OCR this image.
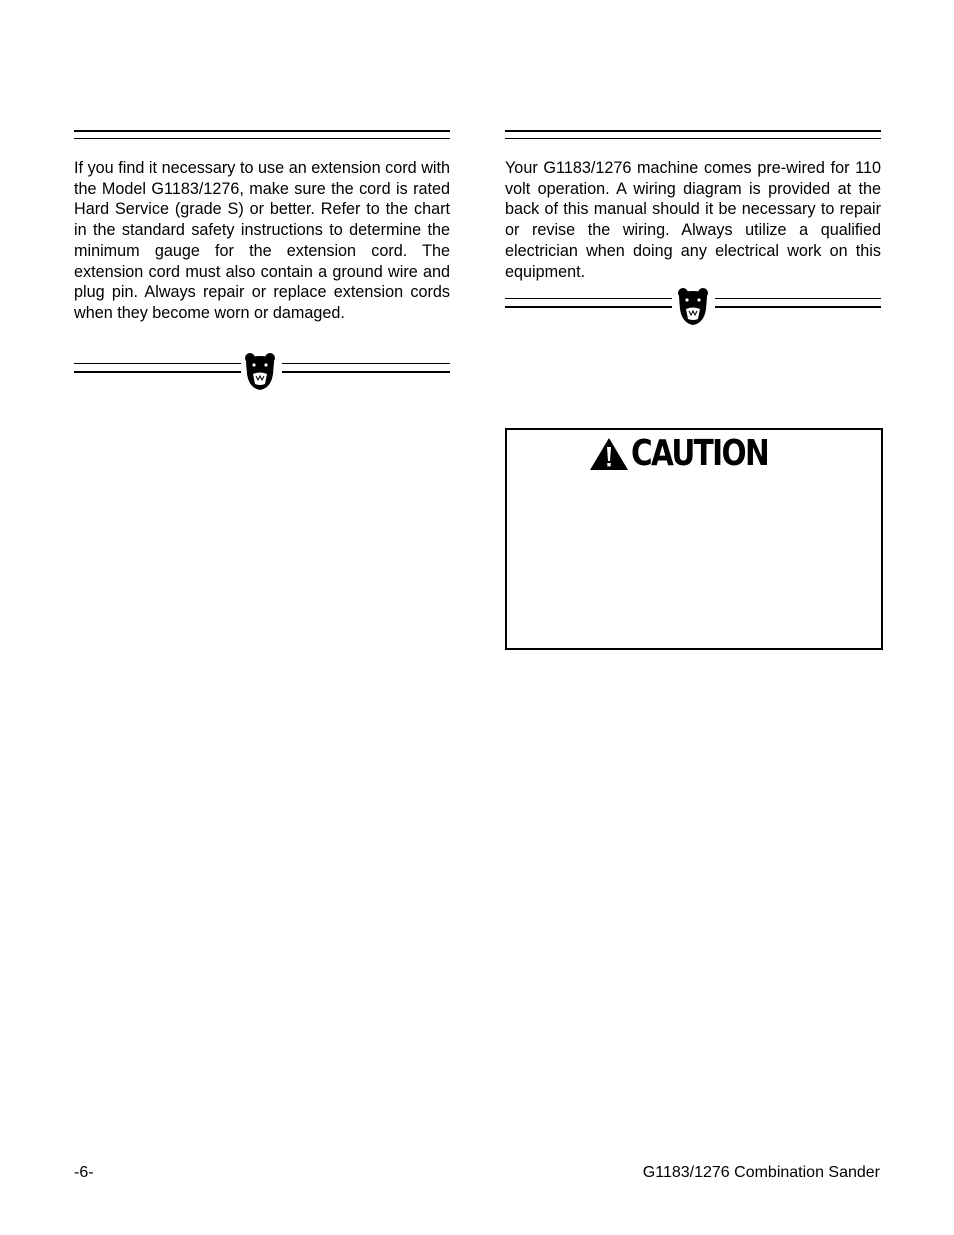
If you find it necessary to use an extension cord with the Model G1183/1276, make sure the cord is rated Hard Service (grade S) or better. Refer to the chart in the standard safety instructions to determine the minimum gauge for the extension cord. The extension cord must also contain a ground wire and plug pin. Always repair or replace extension cords when they become worn or damaged.

Your G1183/1276 machine comes pre-wired for 110 volt operation. A wiring diagram is provided at the back of this manual should it be necessary to repair or revise the wiring. Always utilize a qualified electrician when doing any electrical work on this equipment.

CAUTION
-6-	G1183/1276 Combination Sander
